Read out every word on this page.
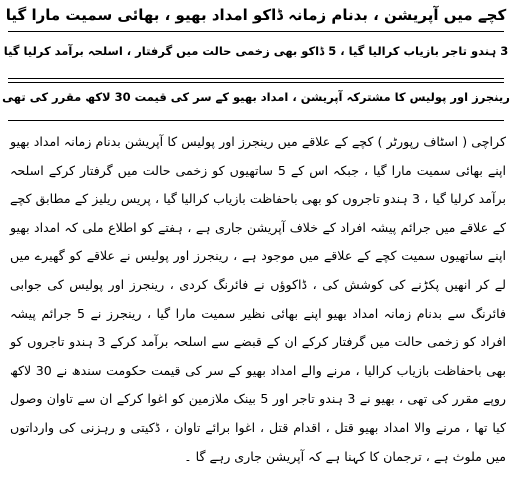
کچے میں آپریشن ، بدنام زمانہ ڈاکو امداد بھیو ، بھائی سمیت مارا گیا
3 ہندو تاجر بازیاب کرالیا گیا ، 5 ڈاکو بھی زخمی حالت میں گرفتار ، اسلحہ برآمد کرلیا گیا
رینجرز اور پولیس کا مشترکہ آپریشن ، امداد بھیو کے سر کی قیمت 30 لاکھ مقرر کی تھی
کراچی ( اسٹاف رپورٹر ) کچے کے علاقے میں رینجرز اور پولیس کا آپریشن بدنام زمانہ امداد بھیو اپنے بھائی سمیت مارا گیا ، جبکہ اس کے 5 ساتھیوں کو زخمی حالت میں گرفتار کرکے اسلحہ برآمد کرلیا گیا ، 3 ہندو تاجروں کو بھی باحفاظت بازیاب کرالیا گیا ، پریس ریلیز کے مطابق کچے کے علاقے میں جرائم پیشہ افراد کے خلاف آپریشن جاری ہے ، ہفتے کو اطلاع ملی کہ امداد بھیو اپنے ساتھیوں سمیت کچے کے علاقے میں موجود ہے ، رینجرز اور پولیس نے علاقے کو گھیرے میں لے کر انھیں پکڑنے کی کوشش کی ، ڈاکوؤں نے فائرنگ کردی ، رینجرز اور پولیس کی جوابی فائرنگ سے بدنام زمانہ امداد بھیو اپنے بھائی نظیر سمیت مارا گیا ، رینجرز نے 5 جرائم پیشہ افراد کو زخمی حالت میں گرفتار کرکے ان کے قبضے سے اسلحہ برآمد کرکے 3 ہندو تاجروں کو بھی باحفاظت بازیاب کرالیا ، مرنے والے امداد بھیو کے سر کی قیمت حکومت سندھ نے 30 لاکھ روپے مقرر کی تھی ، بھیو نے 3 ہندو تاجر اور 5 بینک ملازمین کو اغوا کرکے ان سے تاوان وصول کیا تھا ، مرنے والا امداد بھیو قتل ، اقدام قتل ، اغوا برائے تاوان ، ڈکیتی و رہزنی کی وارداتوں میں ملوث ہے ، ترجمان کا کہنا ہے کہ آپریشن جاری رہے گا ۔
